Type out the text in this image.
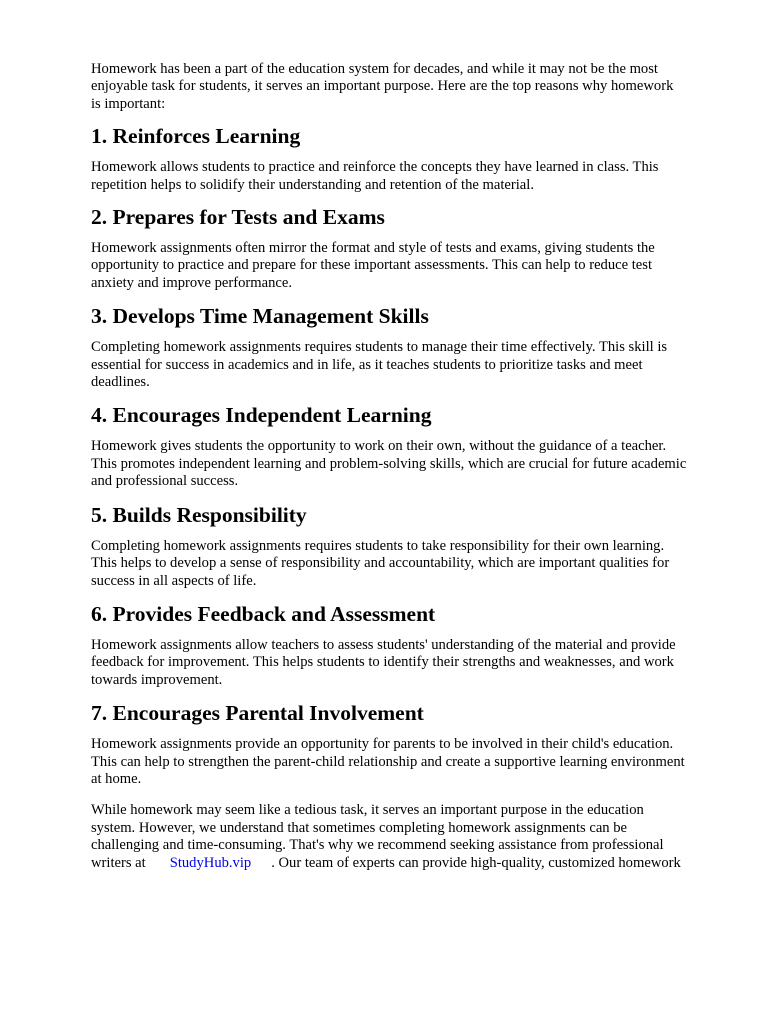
Homework has been a part of the education system for decades, and while it may not be the most
enjoyable task for students, it serves an important purpose. Here are the top reasons why homework
is important:

1. Reinforces Learning

Homework allows students to practice and reinforce the concepts they have learned in class. This
repetition helps to solidify their understanding and retention of the material.

2. Prepares for Tests and Exams

Homework assignments often mirror the format and style of tests and exams, giving students the
opportunity to practice and prepare for these important assessments. This can help to reduce test
anxiety and improve performance.

3. Develops Time Management Skills

Completing homework assignments requires students to manage their time effectively. This skill is
essential for success in academics and in life, as it teaches students to prioritize tasks and meet
deadlines.

4. Encourages Independent Learning

Homework gives students the opportunity to work on their own, without the guidance of a teacher.
This promotes independent learning and problem-solving skills, which are crucial for future academic
and professional success.

5. Builds Responsibility

Completing homework assignments requires students to take responsibility for their own learning.
This helps to develop a sense of responsibility and accountability, which are important qualities for
success in all aspects of life.

6. Provides Feedback and Assessment

Homework assignments allow teachers to assess students' understanding of the material and provide
feedback for improvement. This helps students to identify their strengths and weaknesses, and work
towards improvement.

7. Encourages Parental Involvement

Homework assignments provide an opportunity for parents to be involved in their child's education.
This can help to strengthen the parent-child relationship and create a supportive learning environment
at home.

While homework may seem like a tedious task, it serves an important purpose in the education
system. However, we understand that sometimes completing homework assignments can be
challenging and time-consuming. That's why we recommend seeking assistance from professional
writers at StudyHub.vip . Our team of experts can provide high-quality, customized homework
